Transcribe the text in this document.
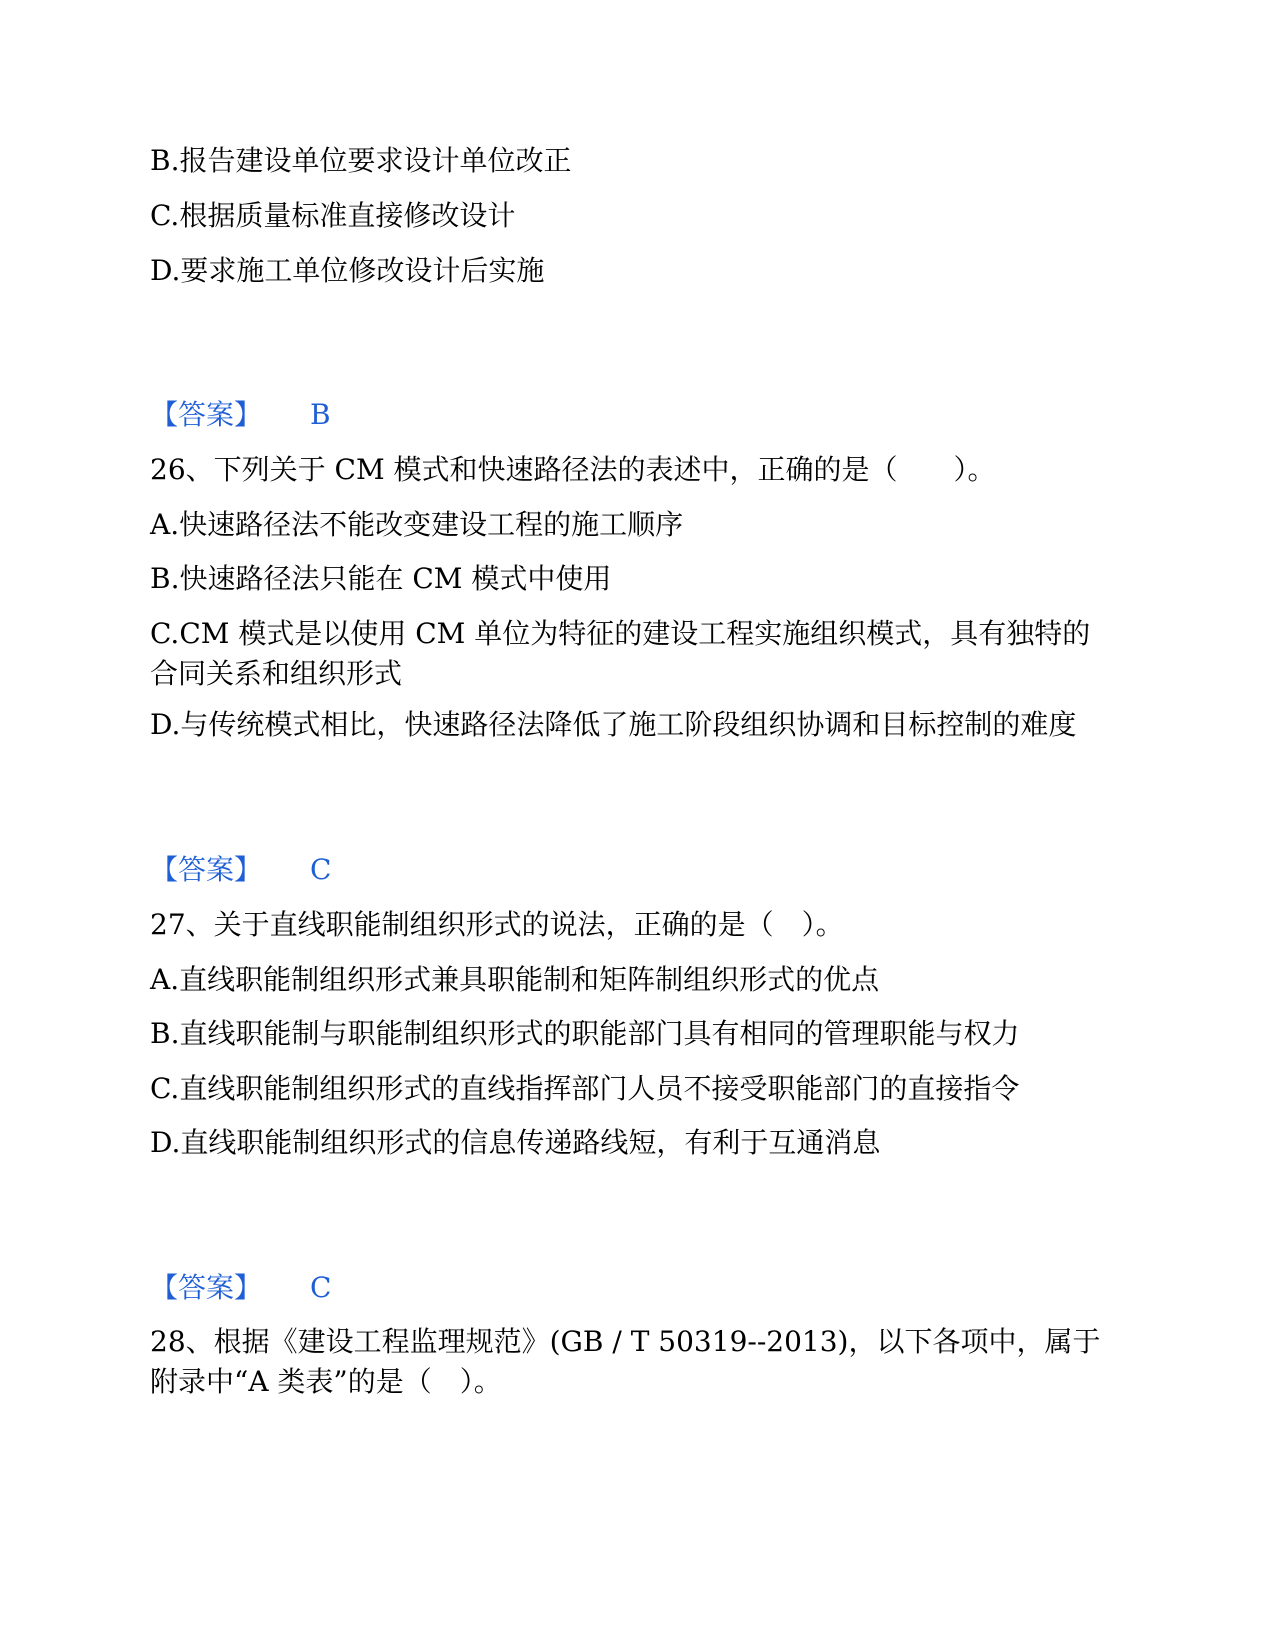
B.报告建设单位要求设计单位改正
C.根据质量标准直接修改设计
D.要求施工单位修改设计后实施
【答案】 B
26、下列关于 CM 模式和快速路径法的表述中，正确的是（　　）。
A.快速路径法不能改变建设工程的施工顺序
B.快速路径法只能在 CM 模式中使用
C.CM 模式是以使用 CM 单位为特征的建设工程实施组织模式，具有独特的合同关系和组织形式
D.与传统模式相比，快速路径法降低了施工阶段组织协调和目标控制的难度
【答案】 C
27、关于直线职能制组织形式的说法，正确的是（　）。
A.直线职能制组织形式兼具职能制和矩阵制组织形式的优点
B.直线职能制与职能制组织形式的职能部门具有相同的管理职能与权力
C.直线职能制组织形式的直线指挥部门人员不接受职能部门的直接指令
D.直线职能制组织形式的信息传递路线短，有利于互通消息
【答案】 C
28、根据《建设工程监理规范》(GB / T 50319--2013)，以下各项中，属于附录中“A 类表”的是（　）。
